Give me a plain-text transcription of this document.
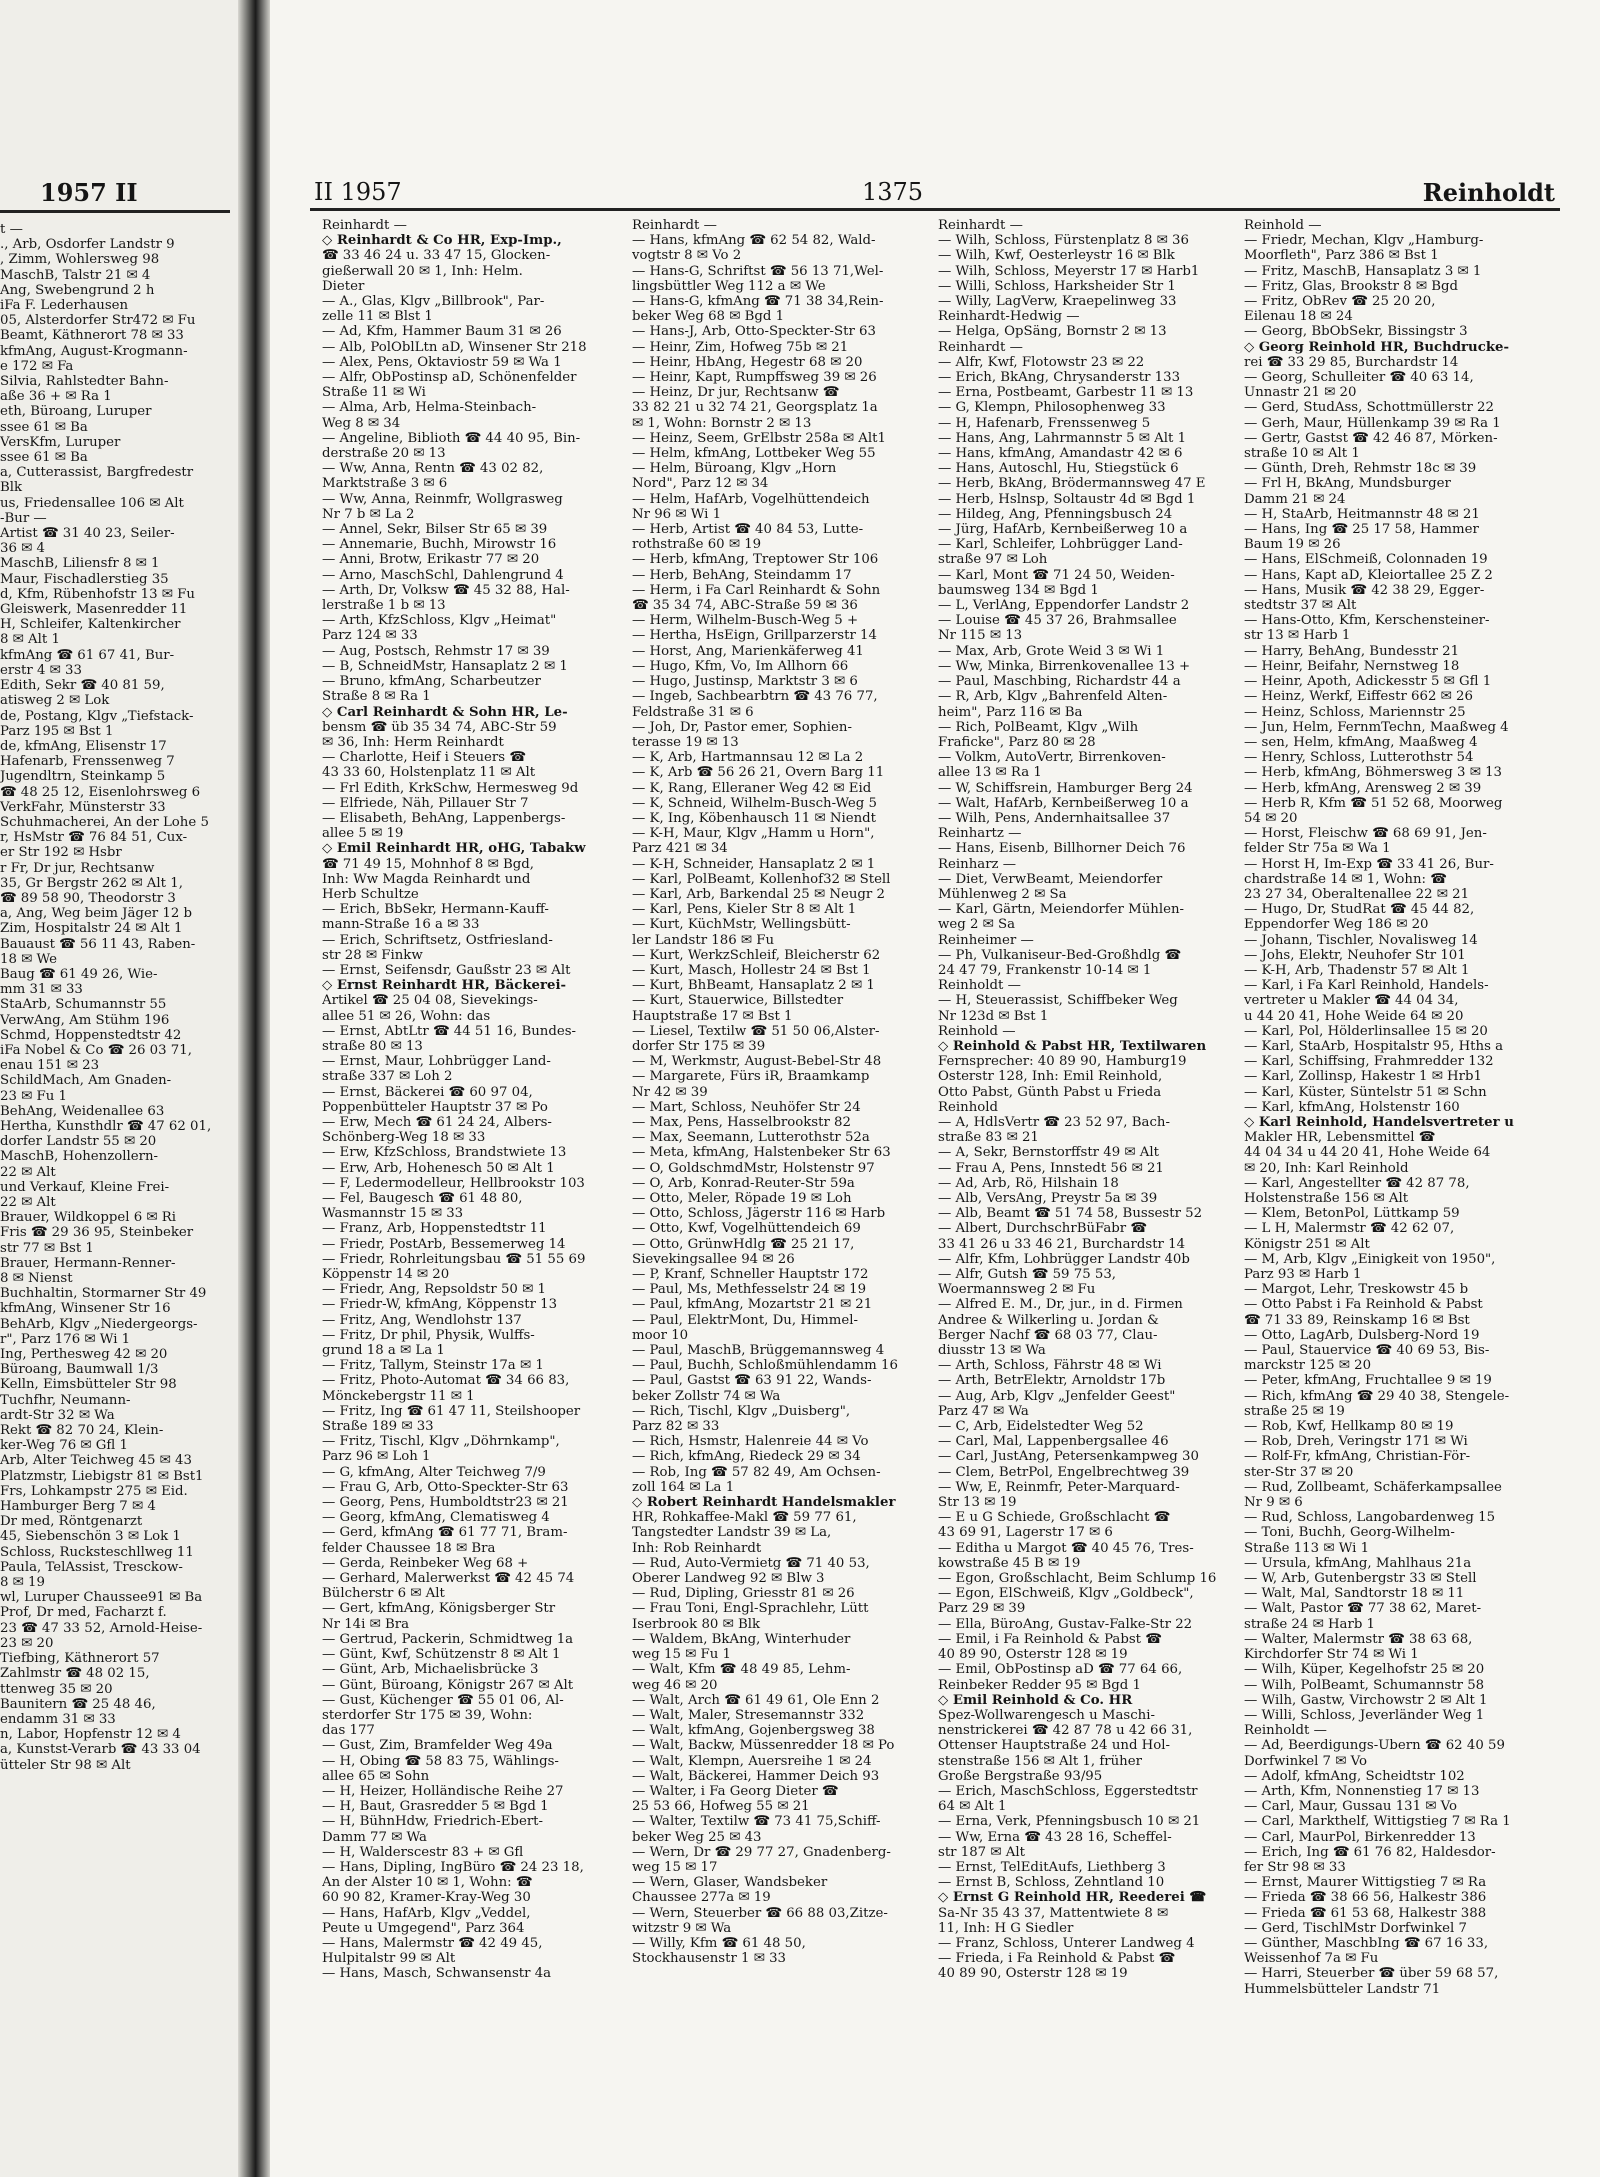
1957 II
t —
., Arb, Osdorfer Landstr 9
, Zimm, Wohlersweg 98
MaschB, Talstr 21 ✉ 4
Ang, Swebengrund 2 h
iFa F. Lederhausen
05, Alsterdorfer Str472 ✉ Fu
Beamt, Käthnerort 78 ✉ 33
kfmAng, August-Krogmann-
e 172 ✉ Fa
Silvia, Rahlstedter Bahn-
aße 36 + ✉ Ra 1
eth, Büroang, Luruper
ssee 61 ✉ Ba
VersKfm, Luruper
ssee 61 ✉ Ba
a, Cutterassist, Bargfredestr
Blk
us, Friedensallee 106 ✉ Alt
-Bur —
Artist ☎ 31 40 23, Seiler-
36 ✉ 4
MaschB, Liliensfr 8 ✉ 1
Maur, Fischadlerstieg 35
d, Kfm, Rübenhofstr 13 ✉ Fu
Gleiswerk, Masenredder 11
H, Schleifer, Kaltenkircher
8 ✉ Alt 1
kfmAng ☎ 61 67 41, Bur-
erstr 4 ✉ 33
Edith, Sekr ☎ 40 81 59,
atisweg 2 ✉ Lok
de, Postang, Klgv „Tiefstack-
Parz 195 ✉ Bst 1
de, kfmAng, Elisenstr 17
Hafenarb, Frenssenweg 7
Jugendltrn, Steinkamp 5
☎ 48 25 12, Eisenlohrsweg 6
VerkFahr, Münsterstr 33
Schuhmacherei, An der Lohe 5
r, HsMstr ☎ 76 84 51, Cux-
er Str 192 ✉ Hsbr
r Fr, Dr jur, Rechtsanw
35, Gr Bergstr 262 ✉ Alt 1,
☎ 89 58 90, Theodorstr 3
a, Ang, Weg beim Jäger 12 b
Zim, Hospitalstr 24 ✉ Alt 1
Bauaust ☎ 56 11 43, Raben-
18 ✉ We
Baug ☎ 61 49 26, Wie-
mm 31 ✉ 33
StaArb, Schumannstr 55
VerwAng, Am Stühm 196
Schmd, Hoppenstedtstr 42
iFa Nobel & Co ☎ 26 03 71,
enau 151 ✉ 23
SchildMach, Am Gnaden-
23 ✉ Fu 1
BehAng, Weidenallee 63
Hertha, Kunsthdlr ☎ 47 62 01,
dorfer Landstr 55 ✉ 20
MaschB, Hohenzollern-
22 ✉ Alt
und Verkauf, Kleine Frei-
22 ✉ Alt
Brauer, Wildkoppel 6 ✉ Ri
Fris ☎ 29 36 95, Steinbeker
str 77 ✉ Bst 1
Brauer, Hermann-Renner-
8 ✉ Nienst
Buchhaltin, Stormarner Str 49
kfmAng, Winsener Str 16
BehArb, Klgv „Niedergeorgs-
r", Parz 176 ✉ Wi 1
Ing, Perthesweg 42 ✉ 20
Büroang, Baumwall 1/3
Kelln, Eimsbütteler Str 98
Tuchfhr, Neumann-
ardt-Str 32 ✉ Wa
Rekt ☎ 82 70 24, Klein-
ker-Weg 76 ✉ Gfl 1
Arb, Alter Teichweg 45 ✉ 43
Platzmstr, Liebigstr 81 ✉ Bst1
Frs, Lohkampstr 275 ✉ Eid.
Hamburger Berg 7 ✉ 4
Dr med, Röntgenarzt
45, Siebenschön 3 ✉ Lok 1
Schloss, Rucksteschllweg 11
Paula, TelAssist, Tresckow-
8 ✉ 19
wl, Luruper Chaussee91 ✉ Ba
Prof, Dr med, Facharzt f.
23 ☎ 47 33 52, Arnold-Heise-
23 ✉ 20
Tiefbing, Käthnerort 57
Zahlmstr ☎ 48 02 15,
ttenweg 35 ✉ 20
Baunitern ☎ 25 48 46,
endamm 31 ✉ 33
n, Labor, Hopfenstr 12 ✉ 4
a, Kunstst-Verarb ☎ 43 33 04
ütteler Str 98 ✉ Alt
II 1957	1375	Reinholdt
Reinhardt —
◇ Reinhardt & Co HR, Exp-Imp.,
☎ 33 46 24 u. 33 47 15, Glocken-
gießerwall 20 ✉ 1, Inh: Helm.
Dieter
— A., Glas, Klgv „Billbrook", Par-
zelle 11 ✉ Blst 1
— Ad, Kfm, Hammer Baum 31 ✉ 26
— Alb, PolOblLtn aD, Winsener Str 218
— Alex, Pens, Oktaviostr 59 ✉ Wa 1
— Alfr, ObPostinsp aD, Schönenfelder
Straße 11 ✉ Wi
— Alma, Arb, Helma-Steinbach-
Weg 8 ✉ 34
— Angeline, Biblioth ☎ 44 40 95, Bin-
derstraße 20 ✉ 13
— Ww, Anna, Rentn ☎ 43 02 82,
Marktstraße 3 ✉ 6
— Ww, Anna, Reinmfr, Wollgrasweg
Nr 7 b ✉ La 2
— Annel, Sekr, Bilser Str 65 ✉ 39
— Annemarie, Buchh, Mirowstr 16
— Anni, Brotw, Erikastr 77 ✉ 20
— Arno, MaschSchl, Dahlengrund 4
— Arth, Dr, Volksw ☎ 45 32 88, Hal-
lerstraße 1 b ✉ 13
— Arth, KfzSchloss, Klgv „Heimat"
Parz 124 ✉ 33
— Aug, Postsch, Rehmstr 17 ✉ 39
— B, SchneidMstr, Hansaplatz 2 ✉ 1
— Bruno, kfmAng, Scharbeutzer
Straße 8 ✉ Ra 1
◇ Carl Reinhardt & Sohn HR, Le-
bensm ☎ üb 35 34 74, ABC-Str 59
✉ 36, Inh: Herm Reinhardt
— Charlotte, Heif i Steuers ☎
43 33 60, Holstenplatz 11 ✉ Alt
— Frl Edith, KrkSchw, Hermesweg 9d
— Elfriede, Näh, Pillauer Str 7
— Elisabeth, BehAng, Lappenbergs-
allee 5 ✉ 19
◇ Emil Reinhardt HR, oHG, Tabakw
☎ 71 49 15, Mohnhof 8 ✉ Bgd,
Inh: Ww Magda Reinhardt und
Herb Schultze
— Erich, BbSekr, Hermann-Kauff-
mann-Straße 16 a ✉ 33
— Erich, Schriftsetz, Ostfriesland-
str 28 ✉ Finkw
— Ernst, Seifensdr, Gaußstr 23 ✉ Alt
◇ Ernst Reinhardt HR, Bäckerei-
Artikel ☎ 25 04 08, Sievekings-
allee 51 ✉ 26, Wohn: das
— Ernst, AbtLtr ☎ 44 51 16, Bundes-
straße 80 ✉ 13
— Ernst, Maur, Lohbrügger Land-
straße 337 ✉ Loh 2
— Ernst, Bäckerei ☎ 60 97 04,
Poppenbütteler Hauptstr 37 ✉ Po
— Erw, Mech ☎ 61 24 24, Albers-
Schönberg-Weg 18 ✉ 33
— Erw, KfzSchloss, Brandstwiete 13
— Erw, Arb, Hohenesch 50 ✉ Alt 1
— F, Ledermodelleur, Hellbrookstr 103
— Fel, Baugesch ☎ 61 48 80,
Wasmannstr 15 ✉ 33
— Franz, Arb, Hoppenstedtstr 11
— Friedr, PostArb, Bessemerweg 14
— Friedr, Rohrleitungsbau ☎ 51 55 69
Köppenstr 14 ✉ 20
— Friedr, Ang, Repsoldstr 50 ✉ 1
— Friedr-W, kfmAng, Köppenstr 13
— Fritz, Ang, Wendlohstr 137
— Fritz, Dr phil, Physik, Wulffs-
grund 18 a ✉ La 1
— Fritz, Tallym, Steinstr 17a ✉ 1
— Fritz, Photo-Automat ☎ 34 66 83,
Mönckebergstr 11 ✉ 1
— Fritz, Ing ☎ 61 47 11, Steilshooper
Straße 189 ✉ 33
— Fritz, Tischl, Klgv „Döhrnkamp",
Parz 96 ✉ Loh 1
— G, kfmAng, Alter Teichweg 7/9
— Frau G, Arb, Otto-Speckter-Str 63
— Georg, Pens, Humboldtstr23 ✉ 21
— Georg, kfmAng, Clematisweg 4
— Gerd, kfmAng ☎ 61 77 71, Bram-
felder Chaussee 18 ✉ Bra
— Gerda, Reinbeker Weg 68 +
— Gerhard, Malerwerkst ☎ 42 45 74
Bülcherstr 6 ✉ Alt
— Gert, kfmAng, Königsberger Str
Nr 14i ✉ Bra
— Gertrud, Packerin, Schmidtweg 1a
— Günt, Kwf, Schützenstr 8 ✉ Alt 1
— Günt, Arb, Michaelisbrücke 3
— Günt, Büroang, Königstr 267 ✉ Alt
— Gust, Küchenger ☎ 55 01 06, Al-
sterdorfer Str 175 ✉ 39, Wohn:
das 177
— Gust, Zim, Bramfelder Weg 49a
— H, Obing ☎ 58 83 75, Wählings-
allee 65 ✉ Sohn
— H, Heizer, Holländische Reihe 27
— H, Baut, Grasredder 5 ✉ Bgd 1
— H, BühnHdw, Friedrich-Ebert-
Damm 77 ✉ Wa
— H, Walderscestr 83 + ✉ Gfl
— Hans, Dipling, IngBüro ☎ 24 23 18,
An der Alster 10 ✉ 1, Wohn: ☎
60 90 82, Kramer-Kray-Weg 30
— Hans, HafArb, Klgv „Veddel,
Peute u Umgegend", Parz 364
— Hans, Malermstr ☎ 42 49 45,
Hulpitalstr 99 ✉ Alt
— Hans, Masch, Schwansenstr 4a
Reinhardt —
— Hans, kfmAng ☎ 62 54 82, Wald-
vogtstr 8 ✉ Vo 2
— Hans-G, Schriftst ☎ 56 13 71,Wel-
lingsbüttler Weg 112 a ✉ We
— Hans-G, kfmAng ☎ 71 38 34,Rein-
beker Weg 68 ✉ Bgd 1
— Hans-J, Arb, Otto-Speckter-Str 63
— Heinr, Zim, Hofweg 75b ✉ 21
— Heinr, HbAng, Hegestr 68 ✉ 20
— Heinr, Kapt, Rumpffsweg 39 ✉ 26
— Heinz, Dr jur, Rechtsanw ☎
33 82 21 u 32 74 21, Georgsplatz 1a
✉ 1, Wohn: Bornstr 2 ✉ 13
— Heinz, Seem, GrElbstr 258a ✉ Alt1
— Helm, kfmAng, Lottbeker Weg 55
— Helm, Büroang, Klgv „Horn
Nord", Parz 12 ✉ 34
— Helm, HafArb, Vogelhüttendeich
Nr 96 ✉ Wi 1
— Herb, Artist ☎ 40 84 53, Lutte-
rothstraße 60 ✉ 19
— Herb, kfmAng, Treptower Str 106
— Herb, BehAng, Steindamm 17
— Herm, i Fa Carl Reinhardt & Sohn
☎ 35 34 74, ABC-Straße 59 ✉ 36
— Herm, Wilhelm-Busch-Weg 5 +
— Hertha, HsEign, Grillparzerstr 14
— Horst, Ang, Marienkäferweg 41
— Hugo, Kfm, Vo, Im Allhorn 66
— Hugo, Justinsp, Marktstr 3 ✉ 6
— Ingeb, Sachbearbtrn ☎ 43 76 77,
Feldstraße 31 ✉ 6
— Joh, Dr, Pastor emer, Sophien-
terasse 19 ✉ 13
— K, Arb, Hartmannsau 12 ✉ La 2
— K, Arb ☎ 56 26 21, Overn Barg 11
— K, Rang, Elleraner Weg 42 ✉ Eid
— K, Schneid, Wilhelm-Busch-Weg 5
— K, Ing, Köbenhausch 11 ✉ Niendt
— K-H, Maur, Klgv „Hamm u Horn",
Parz 421 ✉ 34
— K-H, Schneider, Hansaplatz 2 ✉ 1
— Karl, PolBeamt, Kollenhof32 ✉ Stell
— Karl, Arb, Barkendal 25 ✉ Neugr 2
— Karl, Pens, Kieler Str 8 ✉ Alt 1
— Kurt, KüchMstr, Wellingsbütt-
ler Landstr 186 ✉ Fu
— Kurt, WerkzSchleif, Bleicherstr 62
— Kurt, Masch, Hollestr 24 ✉ Bst 1
— Kurt, BhBeamt, Hansaplatz 2 ✉ 1
— Kurt, Stauerwice, Billstedter
Hauptstraße 17 ✉ Bst 1
— Liesel, Textilw ☎ 51 50 06,Alster-
dorfer Str 175 ✉ 39
— M, Werkmstr, August-Bebel-Str 48
— Margarete, Fürs iR, Braamkamp
Nr 42 ✉ 39
— Mart, Schloss, Neuhöfer Str 24
— Max, Pens, Hasselbrookstr 82
— Max, Seemann, Lutterothstr 52a
— Meta, kfmAng, Halstenbeker Str 63
— O, GoldschmdMstr, Holstenstr 97
— O, Arb, Konrad-Reuter-Str 59a
— Otto, Meler, Röpade 19 ✉ Loh
— Otto, Schloss, Jägerstr 116 ✉ Harb
— Otto, Kwf, Vogelhüttendeich 69
— Otto, GrünwHdlg ☎ 25 21 17,
Sievekingsallee 94 ✉ 26
— P, Kranf, Schneller Hauptstr 172
— Paul, Ms, Methfesselstr 24 ✉ 19
— Paul, kfmAng, Mozartstr 21 ✉ 21
— Paul, ElektrMont, Du, Himmel-
moor 10
— Paul, MaschB, Brüggemannsweg 4
— Paul, Buchh, Schloßmühlendamm 16
— Paul, Gastst ☎ 63 91 22, Wands-
beker Zollstr 74 ✉ Wa
— Rich, Tischl, Klgv „Duisberg",
Parz 82 ✉ 33
— Rich, Hsmstr, Halenreie 44 ✉ Vo
— Rich, kfmAng, Riedeck 29 ✉ 34
— Rob, Ing ☎ 57 82 49, Am Ochsen-
zoll 164 ✉ La 1
◇ Robert Reinhardt Handelsmakler
HR, Rohkaffee-Makl ☎ 59 77 61,
Tangstedter Landstr 39 ✉ La,
Inh: Rob Reinhardt
— Rud, Auto-Vermietg ☎ 71 40 53,
Oberer Landweg 92 ✉ Blw 3
— Rud, Dipling, Griesstr 81 ✉ 26
— Frau Toni, Engl-Sprachlehr, Lütt
Iserbrook 80 ✉ Blk
— Waldem, BkAng, Winterhuder
weg 15 ✉ Fu 1
— Walt, Kfm ☎ 48 49 85, Lehm-
weg 46 ✉ 20
— Walt, Arch ☎ 61 49 61, Ole Enn 2
— Walt, Maler, Stresemannstr 332
— Walt, kfmAng, Gojenbergsweg 38
— Walt, Backw, Müssenredder 18 ✉ Po
— Walt, Klempn, Auersreihe 1 ✉ 24
— Walt, Bäckerei, Hammer Deich 93
— Walter, i Fa Georg Dieter ☎
25 53 66, Hofweg 55 ✉ 21
— Walter, Textilw ☎ 73 41 75,Schiff-
beker Weg 25 ✉ 43
— Wern, Dr ☎ 29 77 27, Gnadenberg-
weg 15 ✉ 17
— Wern, Glaser, Wandsbeker
Chaussee 277a ✉ 19
— Wern, Steuerber ☎ 66 88 03,Zitze-
witzstr 9 ✉ Wa
— Willy, Kfm ☎ 61 48 50,
Stockhausenstr 1 ✉ 33
Reinhardt —
— Wilh, Schloss, Fürstenplatz 8 ✉ 36
— Wilh, Kwf, Oesterleystr 16 ✉ Blk
— Wilh, Schloss, Meyerstr 17 ✉ Harb1
— Willi, Schloss, Harksheider Str 1
— Willy, LagVerw, Kraepelinweg 33
Reinhardt-Hedwig —
— Helga, OpSäng, Bornstr 2 ✉ 13
Reinhardt —
— Alfr, Kwf, Flotowstr 23 ✉ 22
— Erich, BkAng, Chrysanderstr 133
— Erna, Postbeamt, Garbestr 11 ✉ 13
— G, Klempn, Philosophenweg 33
— H, Hafenarb, Frenssenweg 5
— Hans, Ang, Lahrmannstr 5 ✉ Alt 1
— Hans, kfmAng, Amandastr 42 ✉ 6
— Hans, Autoschl, Hu, Stiegstück 6
— Herb, BkAng, Brödermannsweg 47 E
— Herb, Hslnsp, Soltaustr 4d ✉ Bgd 1
— Hildeg, Ang, Pfenningsbusch 24
— Jürg, HafArb, Kernbeißerweg 10 a
— Karl, Schleifer, Lohbrügger Land-
straße 97 ✉ Loh
— Karl, Mont ☎ 71 24 50, Weiden-
baumsweg 134 ✉ Bgd 1
— L, VerlAng, Eppendorfer Landstr 2
— Louise ☎ 45 37 26, Brahmsallee
Nr 115 ✉ 13
— Max, Arb, Grote Weid 3 ✉ Wi 1
— Ww, Minka, Birrenkovenallee 13 +
— Paul, Maschbing, Richardstr 44 a
— R, Arb, Klgv „Bahrenfeld Alten-
heim", Parz 116 ✉ Ba
— Rich, PolBeamt, Klgv „Wilh
Fraficke", Parz 80 ✉ 28
— Volkm, AutoVertr, Birrenkoven-
allee 13 ✉ Ra 1
— W, Schiffsrein, Hamburger Berg 24
— Walt, HafArb, Kernbeißerweg 10 a
— Wilh, Pens, Andernhaitsallee 37
Reinhartz —
— Hans, Eisenb, Billhorner Deich 76
Reinharz —
— Diet, VerwBeamt, Meiendorfer
Mühlenweg 2 ✉ Sa
— Karl, Gärtn, Meiendorfer Mühlen-
weg 2 ✉ Sa
Reinheimer —
— Ph, Vulkaniseur-Bed-Großhdlg ☎
24 47 79, Frankenstr 10-14 ✉ 1
Reinholdt —
— H, Steuerassist, Schiffbeker Weg
Nr 123d ✉ Bst 1
Reinhold —
◇ Reinhold & Pabst HR, Textilwaren
Fernsprecher: 40 89 90, Hamburg19
Osterstr 128, Inh: Emil Reinhold,
Otto Pabst, Günth Pabst u Frieda
Reinhold
— A, HdlsVertr ☎ 23 52 97, Bach-
straße 83 ✉ 21
— A, Sekr, Bernstorffstr 49 ✉ Alt
— Frau A, Pens, Innstedt 56 ✉ 21
— Ad, Arb, Rö, Hilshain 18
— Alb, VersAng, Preystr 5a ✉ 39
— Alb, Beamt ☎ 51 74 58, Bussestr 52
— Albert, DurchschrBüFabr ☎
33 41 26 u 33 46 21, Burchardstr 14
— Alfr, Kfm, Lohbrügger Landstr 40b
— Alfr, Gutsh ☎ 59 75 53,
Woermannsweg 2 ✉ Fu
— Alfred E. M., Dr, jur., in d. Firmen
Andree & Wilkerling u. Jordan &
Berger Nachf ☎ 68 03 77, Clau-
diusstr 13 ✉ Wa
— Arth, Schloss, Fährstr 48 ✉ Wi
— Arth, BetrElektr, Arnoldstr 17b
— Aug, Arb, Klgv „Jenfelder Geest"
Parz 47 ✉ Wa
— C, Arb, Eidelstedter Weg 52
— Carl, Mal, Lappenbergsallee 46
— Carl, JustAng, Petersenkampweg 30
— Clem, BetrPol, Engelbrechtweg 39
— Ww, E, Reinmfr, Peter-Marquard-
Str 13 ✉ 19
— E u G Schiede, Großschlacht ☎
43 69 91, Lagerstr 17 ✉ 6
— Editha u Margot ☎ 40 45 76, Tres-
kowstraße 45 B ✉ 19
— Egon, Großschlacht, Beim Schlump 16
— Egon, ElSchweiß, Klgv „Goldbeck",
Parz 29 ✉ 39
— Ella, BüroAng, Gustav-Falke-Str 22
— Emil, i Fa Reinhold & Pabst ☎
40 89 90, Osterstr 128 ✉ 19
— Emil, ObPostinsp aD ☎ 77 64 66,
Reinbeker Redder 95 ✉ Bgd 1
◇ Emil Reinhold & Co. HR
Spez-Wollwarengesch u Maschi-
nenstrickerei ☎ 42 87 78 u 42 66 31,
Ottenser Hauptstraße 24 und Hol-
stenstraße 156 ✉ Alt 1, früher
Große Bergstraße 93/95
— Erich, MaschSchloss, Eggerstedtstr
64 ✉ Alt 1
— Erna, Verk, Pfenningsbusch 10 ✉ 21
— Ww, Erna ☎ 43 28 16, Scheffel-
str 187 ✉ Alt
— Ernst, TelEditAufs, Liethberg 3
— Ernst B, Schloss, Zehntland 10
◇ Ernst G Reinhold HR, Reederei ☎
Sa-Nr 35 43 37, Mattentwiete 8 ✉
11, Inh: H G Siedler
— Franz, Schloss, Unterer Landweg 4
— Frieda, i Fa Reinhold & Pabst ☎
40 89 90, Osterstr 128 ✉ 19
Reinhold —
— Friedr, Mechan, Klgv „Hamburg-
Moorfleth", Parz 386 ✉ Bst 1
— Fritz, MaschB, Hansaplatz 3 ✉ 1
— Fritz, Glas, Brookstr 8 ✉ Bgd
— Fritz, ObRev ☎ 25 20 20,
Eilenau 18 ✉ 24
— Georg, BbObSekr, Bissingstr 3
◇ Georg Reinhold HR, Buchdrucke-
rei ☎ 33 29 85, Burchardstr 14
— Georg, Schulleiter ☎ 40 63 14,
Unnastr 21 ✉ 20
— Gerd, StudAss, Schottmüllerstr 22
— Gerh, Maur, Hüllenkamp 39 ✉ Ra 1
— Gertr, Gastst ☎ 42 46 87, Mörken-
straße 10 ✉ Alt 1
— Günth, Dreh, Rehmstr 18c ✉ 39
— Frl H, BkAng, Mundsburger
Damm 21 ✉ 24
— H, StaArb, Heitmannstr 48 ✉ 21
— Hans, Ing ☎ 25 17 58, Hammer
Baum 19 ✉ 26
— Hans, ElSchmeiß, Colonnaden 19
— Hans, Kapt aD, Kleiortallee 25 Z 2
— Hans, Musik ☎ 42 38 29, Egger-
stedtstr 37 ✉ Alt
— Hans-Otto, Kfm, Kerschensteiner-
str 13 ✉ Harb 1
— Harry, BehAng, Bundesstr 21
— Heinr, Beifahr, Nernstweg 18
— Heinr, Apoth, Adickesstr 5 ✉ Gfl 1
— Heinz, Werkf, Eiffestr 662 ✉ 26
— Heinz, Schloss, Mariennstr 25
— Jun, Helm, FernmTechn, Maaßweg 4
— sen, Helm, kfmAng, Maaßweg 4
— Henry, Schloss, Lutterothstr 54
— Herb, kfmAng, Böhmersweg 3 ✉ 13
— Herb, kfmAng, Arensweg 2 ✉ 39
— Herb R, Kfm ☎ 51 52 68, Moorweg
54 ✉ 20
— Horst, Fleischw ☎ 68 69 91, Jen-
felder Str 75a ✉ Wa 1
— Horst H, Im-Exp ☎ 33 41 26, Bur-
chardstraße 14 ✉ 1, Wohn: ☎
23 27 34, Oberaltenallee 22 ✉ 21
— Hugo, Dr, StudRat ☎ 45 44 82,
Eppendorfer Weg 186 ✉ 20
— Johann, Tischler, Novalisweg 14
— Johs, Elektr, Neuhofer Str 101
— K-H, Arb, Thadenstr 57 ✉ Alt 1
— Karl, i Fa Karl Reinhold, Handels-
vertreter u Makler ☎ 44 04 34,
u 44 20 41, Hohe Weide 64 ✉ 20
— Karl, Pol, Hölderlinsallee 15 ✉ 20
— Karl, StaArb, Hospitalstr 95, Hths a
— Karl, Schiffsing, Frahmredder 132
— Karl, Zollinsp, Hakestr 1 ✉ Hrb1
— Karl, Küster, Süntelstr 51 ✉ Schn
— Karl, kfmAng, Holstenstr 160
◇ Karl Reinhold, Handelsvertreter u
Makler HR, Lebensmittel ☎
44 04 34 u 44 20 41, Hohe Weide 64
✉ 20, Inh: Karl Reinhold
— Karl, Angestellter ☎ 42 87 78,
Holstenstraße 156 ✉ Alt
— Klem, BetonPol, Lüttkamp 59
— L H, Malermstr ☎ 42 62 07,
Königstr 251 ✉ Alt
— M, Arb, Klgv „Einigkeit von 1950",
Parz 93 ✉ Harb 1
— Margot, Lehr, Treskowstr 45 b
— Otto Pabst i Fa Reinhold & Pabst
☎ 71 33 89, Reinskamp 16 ✉ Bst
— Otto, LagArb, Dulsberg-Nord 19
— Paul, Stauervice ☎ 40 69 53, Bis-
marckstr 125 ✉ 20
— Peter, kfmAng, Fruchtallee 9 ✉ 19
— Rich, kfmAng ☎ 29 40 38, Stengele-
straße 25 ✉ 19
— Rob, Kwf, Hellkamp 80 ✉ 19
— Rob, Dreh, Veringstr 171 ✉ Wi
— Rolf-Fr, kfmAng, Christian-För-
ster-Str 37 ✉ 20
— Rud, Zollbeamt, Schäferkampsallee
Nr 9 ✉ 6
— Rud, Schloss, Langobardenweg 15
— Toni, Buchh, Georg-Wilhelm-
Straße 113 ✉ Wi 1
— Ursula, kfmAng, Mahlhaus 21a
— W, Arb, Gutenbergstr 33 ✉ Stell
— Walt, Mal, Sandtorstr 18 ✉ 11
— Walt, Pastor ☎ 77 38 62, Maret-
straße 24 ✉ Harb 1
— Walter, Malermstr ☎ 38 63 68,
Kirchdorfer Str 74 ✉ Wi 1
— Wilh, Küper, Kegelhofstr 25 ✉ 20
— Wilh, PolBeamt, Schumannstr 58
— Wilh, Gastw, Virchowstr 2 ✉ Alt 1
— Willi, Schloss, Jeverländer Weg 1
Reinholdt —
— Ad, Beerdigungs-Ubern ☎ 62 40 59
Dorfwinkel 7 ✉ Vo
— Adolf, kfmAng, Scheidtstr 102
— Arth, Kfm, Nonnenstieg 17 ✉ 13
— Carl, Maur, Gussau 131 ✉ Vo
— Carl, Markthelf, Wittigstieg 7 ✉ Ra 1
— Carl, MaurPol, Birkenredder 13
— Erich, Ing ☎ 61 76 82, Haldesdor-
fer Str 98 ✉ 33
— Ernst, Maurer Wittigstieg 7 ✉ Ra
— Frieda ☎ 38 66 56, Halkestr 386
— Frieda ☎ 61 53 68, Halkestr 388
— Gerd, TischlMstr Dorfwinkel 7
— Günther, MaschbIng ☎ 67 16 33,
Weissenhof 7a ✉ Fu
— Harri, Steuerber ☎ über 59 68 57,
Hummelsbütteler Landstr 71
